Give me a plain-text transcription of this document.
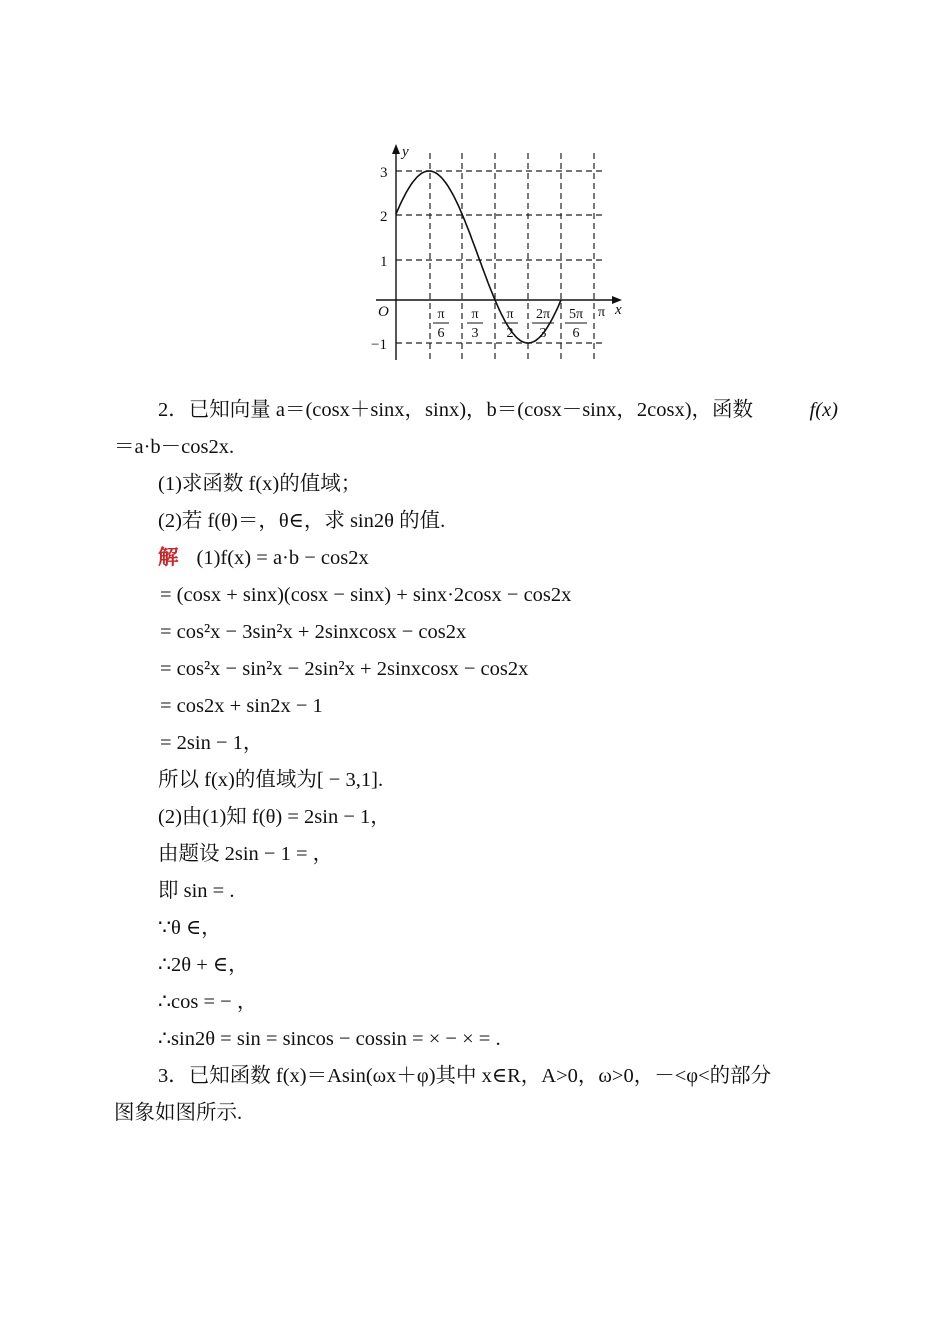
y
x
O
3
2
1
−1
π
6
π
3
π
2
2π
3
5π
6
π
2．已知向量 a＝(cosx＋sinx，sinx)，b＝(cosx－sinx，2cosx)，函数	f(x)
＝a·b－cos2x.
(1)求函数 f(x)的值域；
(2)若 f(θ)＝，θ∈，求 sin2θ 的值.
解 (1)f(x) = a·b − cos2x
= (cosx + sinx)(cosx − sinx) + sinx·2cosx − cos2x
= cos²x − 3sin²x + 2sinxcosx − cos2x
= cos²x − sin²x − 2sin²x + 2sinxcosx − cos2x
= cos2x + sin2x − 1
= 2sin − 1，
所以 f(x)的值域为[ − 3,1].
(2)由(1)知 f(θ) = 2sin − 1，
由题设 2sin − 1 = ，
即 sin = .
∵θ ∈，
∴2θ + ∈，
∴cos = − ，
∴sin2θ = sin = sincos − cossin = × − × = .
3．已知函数 f(x)＝Asin(ωx＋φ)其中 x∈R，A>0，ω>0，－<φ<的部分
图象如图所示.
